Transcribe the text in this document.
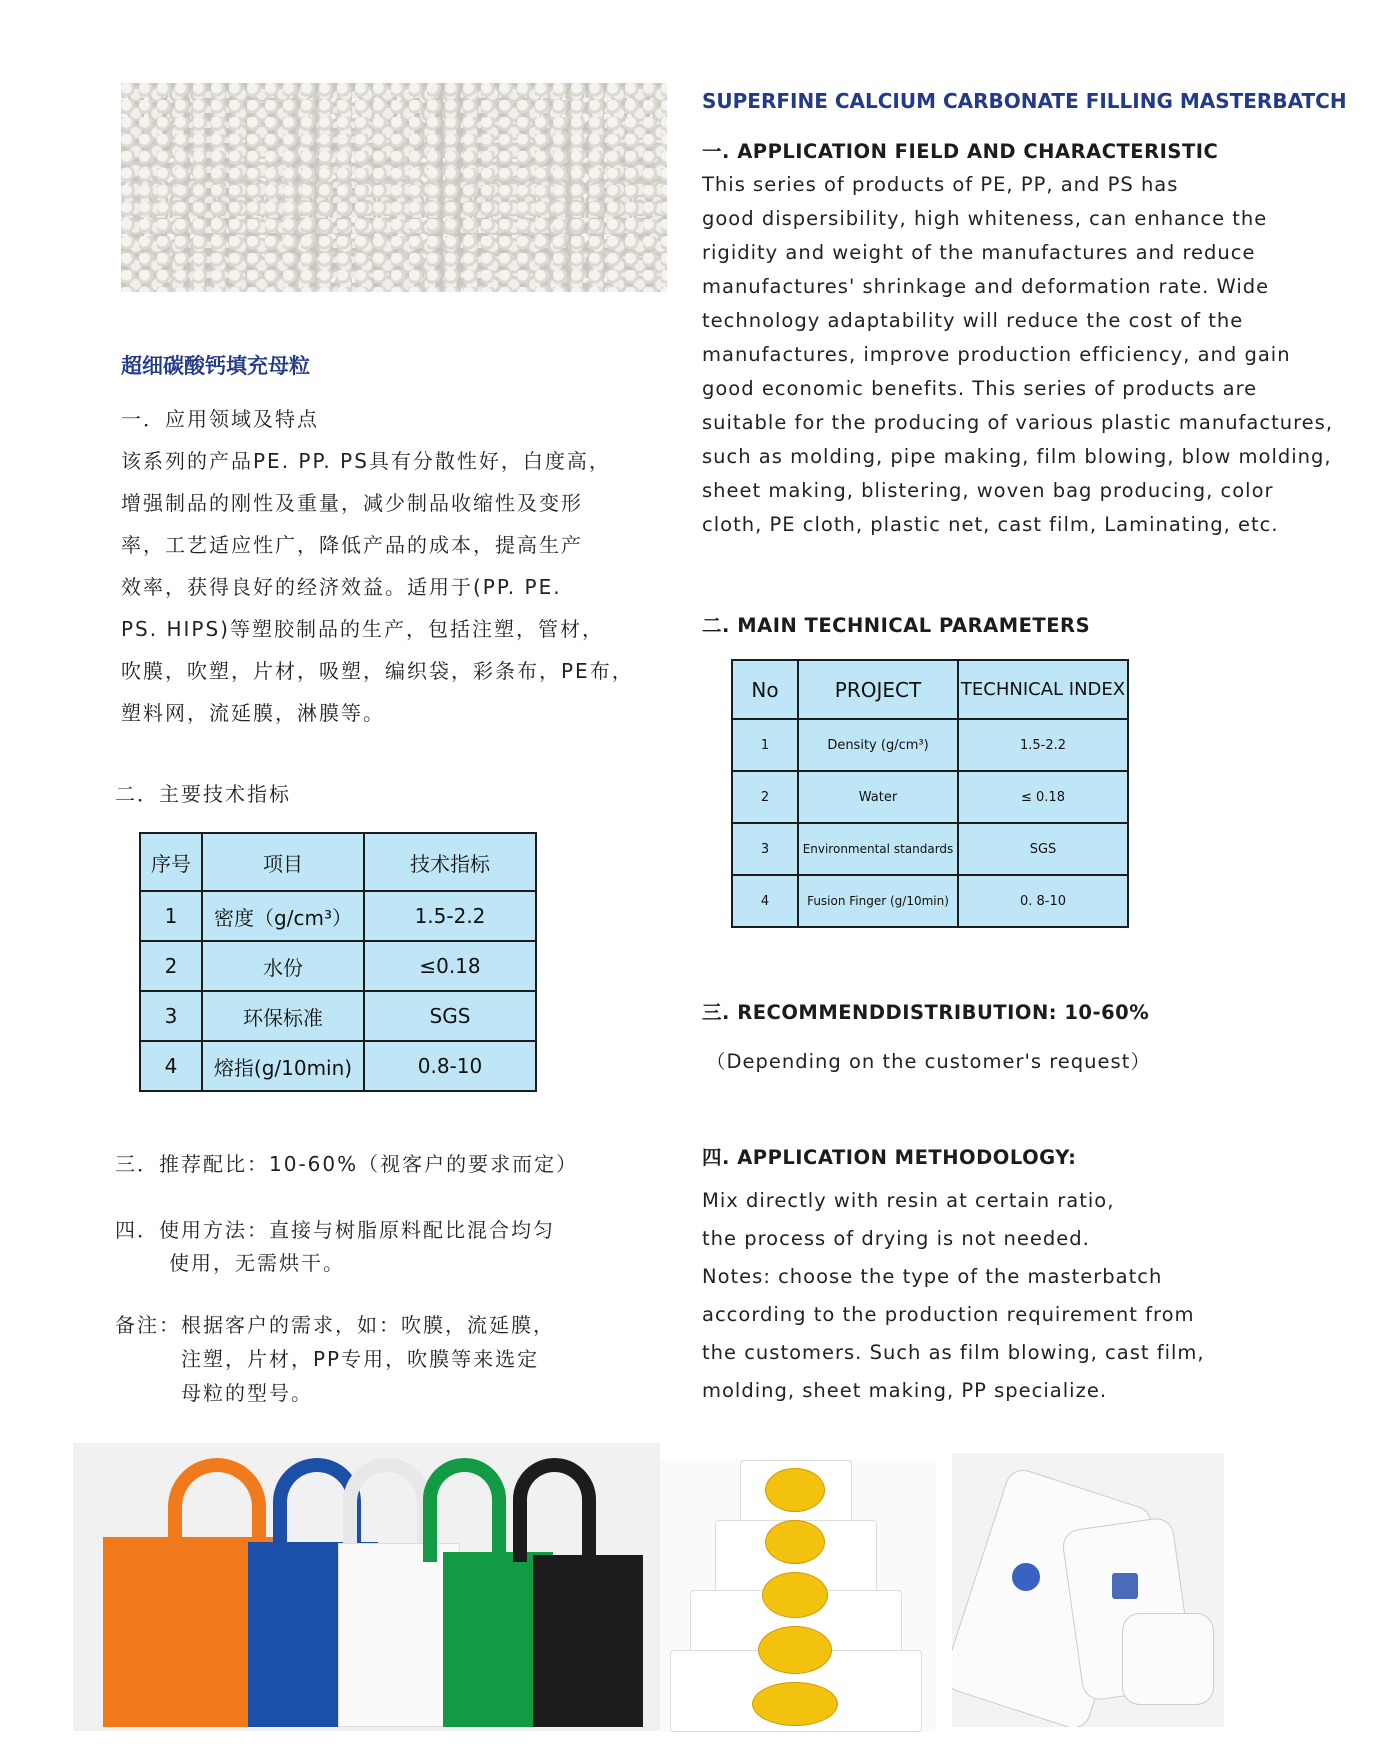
超细碳酸钙填充母粒
一．应用领域及特点
该系列的产品PE. PP. PS具有分散性好，白度高，
增强制品的刚性及重量，减少制品收缩性及变形
率，工艺适应性广，降低产品的成本，提高生产
效率，获得良好的经济效益。适用于(PP. PE.
PS. HIPS)等塑胶制品的生产，包括注塑，管材，
吹膜，吹塑，片材，吸塑，编织袋，彩条布，PE布，
塑料网，流延膜，淋膜等。
二．主要技术指标
序号	项目	技术指标
1	密度（g/cm³）	1.5-2.2
2	水份	≤0.18
3	环保标准	SGS
4	熔指(g/10min)	0.8-10
三．推荐配比：10-60%（视客户的要求而定）
四．使用方法：直接与树脂原料配比混合均匀
使用，无需烘干。
备注：根据客户的需求，如：吹膜，流延膜，
注塑，片材，PP专用，吹膜等来选定
母粒的型号。
SUPERFINE CALCIUM CARBONATE FILLING MASTERBATCH
一. APPLICATION FIELD AND CHARACTERISTIC
This series of products of PE, PP, and PS has
good dispersibility, high whiteness, can enhance the
rigidity and weight of the manufactures and reduce
manufactures' shrinkage and deformation rate. Wide
technology adaptability will reduce the cost of the
manufactures, improve production efficiency, and gain
good economic benefits. This series of products are
suitable for the producing of various plastic manufactures,
such as molding, pipe making, film blowing, blow molding,
sheet making, blistering, woven bag producing, color
cloth, PE cloth, plastic net, cast film, Laminating, etc.
二. MAIN TECHNICAL PARAMETERS
No	PROJECT	TECHNICAL INDEX
1	Density (g/cm³)	1.5-2.2
2	Water	≤ 0.18
3	Environmental standards	SGS
4	Fusion Finger (g/10min)	0. 8-10
三. RECOMMENDDISTRIBUTION: 10-60%
（Depending on the customer's request）
四. APPLICATION METHODOLOGY:
Mix directly with resin at certain ratio,
the process of drying is not needed.
Notes: choose the type of the masterbatch
according to the production requirement from
the customers. Such as film blowing, cast film,
molding, sheet making, PP specialize.
